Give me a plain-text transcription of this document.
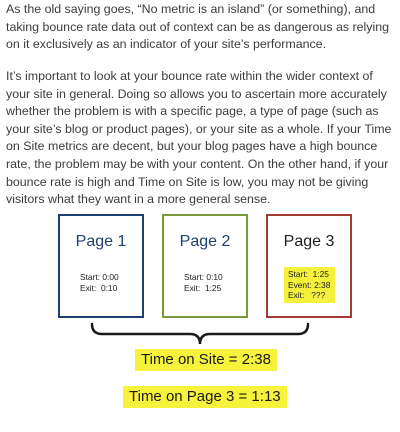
As the old saying goes, “No metric is an island” (or something), and taking bounce rate data out of context can be as dangerous as relying on it exclusively as an indicator of your site’s performance.

It’s important to look at your bounce rate within the wider context of your site in general. Doing so allows you to ascertain more accurately whether the problem is with a specific page, a type of page (such as your site’s blog or product pages), or your site as a whole. If your Time on Site metrics are decent, but your blog pages have a high bounce rate, the problem may be with your content. On the other hand, if your bounce rate is high and Time on Site is low, you may not be giving visitors what they want in a more general sense.

Page 1
Start: 0:00
Exit:  0:10
Page 2
Start: 0:10
Exit:  1:25
Page 3
Start:  1:25
Event: 2:38
Exit:   ???
Time on Site = 2:38
Time on Page 3 = 1:13
